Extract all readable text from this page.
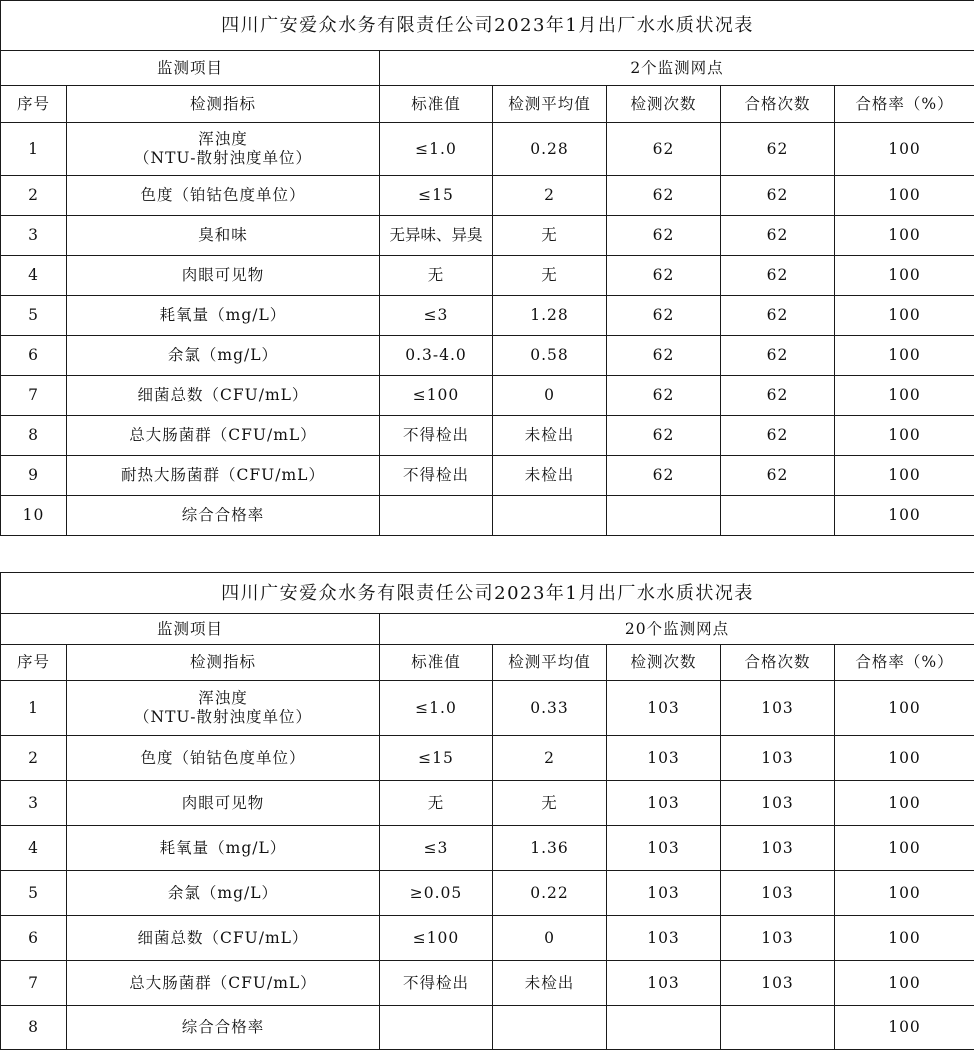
四川广安爱众水务有限责任公司2023年1月出厂水水质状况表						
监测项目		2个监测网点				
序号	检测指标	标准值	检测平均值	检测次数	合格次数	合格率（%）
1	浑浊度
（NTU-散射浊度单位）	≤1.0	0.28	62	62	100
2	色度（铂钴色度单位）	≤15	2	62	62	100
3	臭和味	无异味、异臭	无	62	62	100
4	肉眼可见物	无	无	62	62	100
5	耗氧量（mg/L）	≤3	1.28	62	62	100
6	余氯（mg/L）	0.3-4.0	0.58	62	62	100
7	细菌总数（CFU/mL）	≤100	0	62	62	100
8	总大肠菌群（CFU/mL）	不得检出	未检出	62	62	100
9	耐热大肠菌群（CFU/mL）	不得检出	未检出	62	62	100
10	综合合格率					100
四川广安爱众水务有限责任公司2023年1月出厂水水质状况表						
监测项目		20个监测网点				
序号	检测指标	标准值	检测平均值	检测次数	合格次数	合格率（%）
1	浑浊度
（NTU-散射浊度单位）	≤1.0	0.33	103	103	100
2	色度（铂钴色度单位）	≤15	2	103	103	100
3	肉眼可见物	无	无	103	103	100
4	耗氧量（mg/L）	≤3	1.36	103	103	100
5	余氯（mg/L）	≥0.05	0.22	103	103	100
6	细菌总数（CFU/mL）	≤100	0	103	103	100
7	总大肠菌群（CFU/mL）	不得检出	未检出	103	103	100
8	综合合格率					100
